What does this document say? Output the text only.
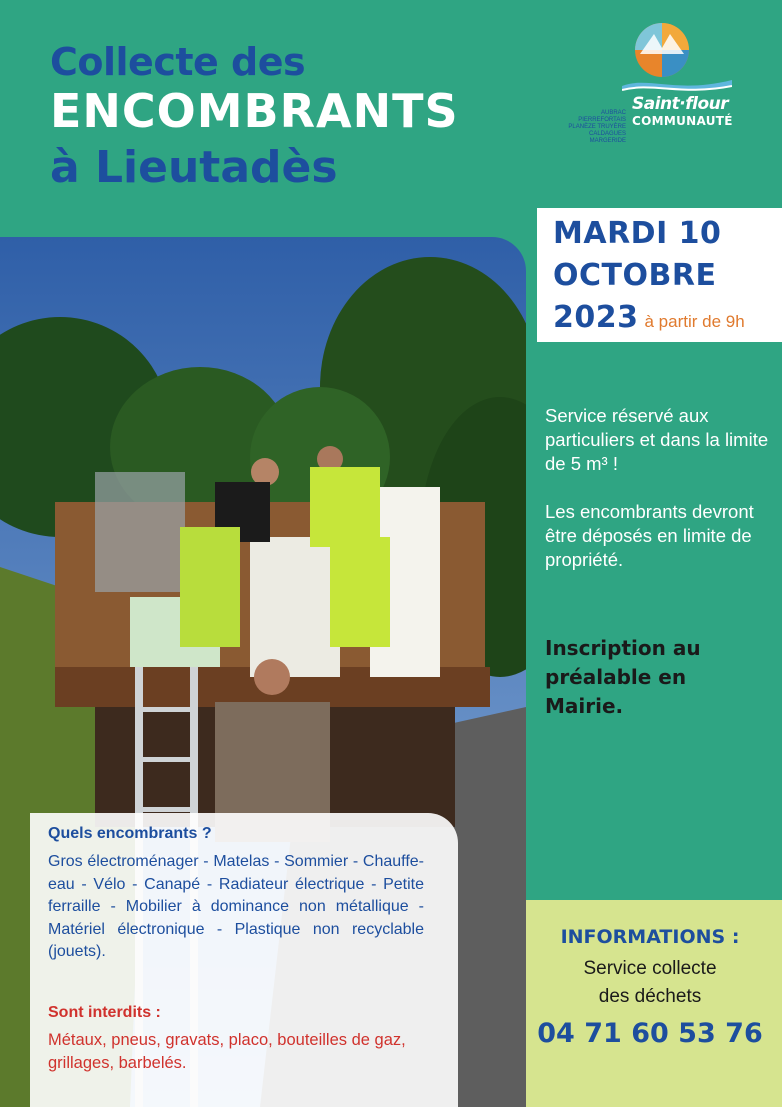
Collecte des
ENCOMBRANTS
à Lieutadès
AUBRAC PIERREFORTAIS PLANÈZE TRUYÈRE CALDAGUES MARGERIDE
Saint·flour
COMMUNAUTÉ

MARDI 10

OCTOBRE

2023 à partir de 9h

Service réservé aux particuliers et dans la limite de 5 m³ !

Les encombrants devront être déposés en limite de propriété.

Inscription au préalable en Mairie.

INFORMATIONS :

Service collecte

des déchets

04 71 60 53 76

Quels encombrants ?

Gros électroménager - Matelas - Sommier - Chauffe-eau - Vélo - Canapé - Radiateur électrique - Petite ferraille - Mobilier à dominance non métallique - Matériel électronique - Plastique non recyclable (jouets).

Sont interdits :

Métaux, pneus, gravats, placo, bouteilles de gaz, grillages, barbelés.
